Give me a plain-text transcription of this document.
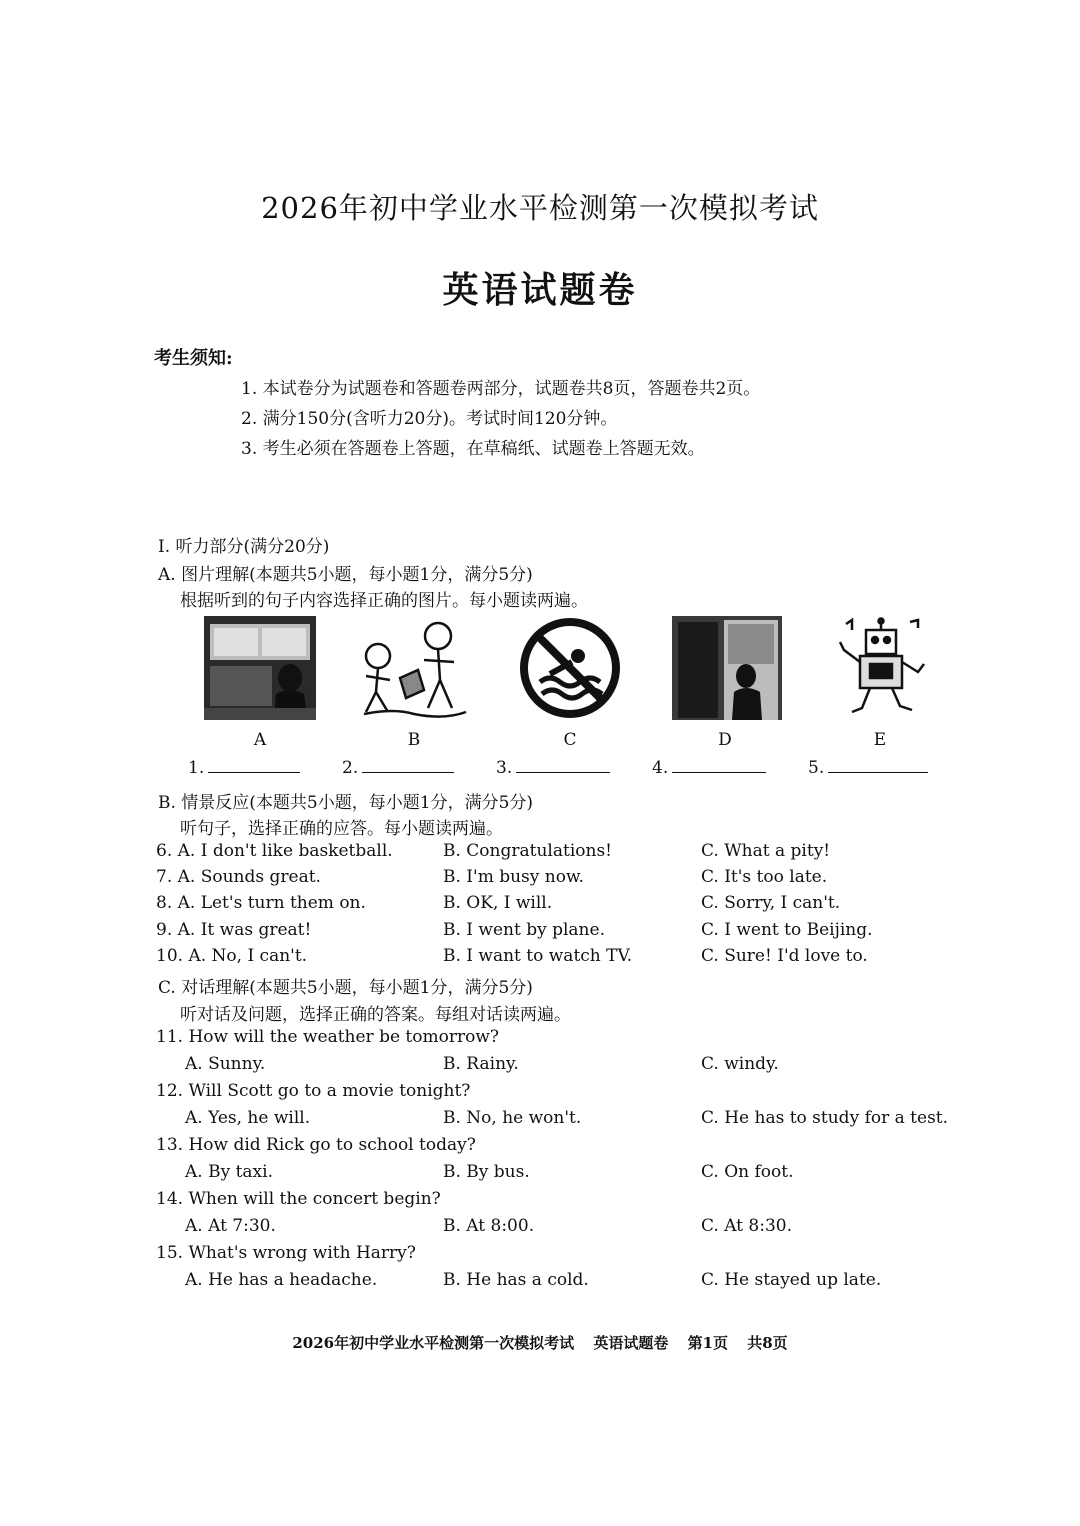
2026年初中学业水平检测第一次模拟考试
英语试题卷
考生须知:
1. 本试卷分为试题卷和答题卷两部分，试题卷共8页，答题卷共2页。
2. 满分150分(含听力20分)。考试时间120分钟。
3. 考生必须在答题卷上答题，在草稿纸、试题卷上答题无效。
Ⅰ. 听力部分(满分20分)
A. 图片理解(本题共5小题，每小题1分，满分5分)
根据听到的句子内容选择正确的图片。每小题读两遍。
A	B	C	D	E
1.	2.	3.	4.	5.
B. 情景反应(本题共5小题，每小题1分，满分5分)
听句子，选择正确的应答。每小题读两遍。
6. A. I don't like basketball.	B. Congratulations!	C. What a pity!
7. A. Sounds great.	B. I'm busy now.	C. It's too late.
8. A. Let's turn them on.	B. OK, I will.	C. Sorry, I can't.
9. A. It was great!	B. I went by plane.	C. I went to Beijing.
10. A. No, I can't.	B. I want to watch TV.	C. Sure! I'd love to.
C. 对话理解(本题共5小题，每小题1分，满分5分)
听对话及问题，选择正确的答案。每组对话读两遍。
11. How will the weather be tomorrow?
A. Sunny.	B. Rainy.	C. windy.
12. Will Scott go to a movie tonight?
A. Yes, he will.	B. No, he won't.	C. He has to study for a test.
13. How did Rick go to school today?
A. By taxi.	B. By bus.	C. On foot.
14. When will the concert begin?
A. At 7:30.	B. At 8:00.	C. At 8:30.
15. What's wrong with Harry?
A. He has a headache.	B. He has a cold.	C. He stayed up late.
2026年初中学业水平检测第一次模拟考试 英语试题卷 第1页 共8页
